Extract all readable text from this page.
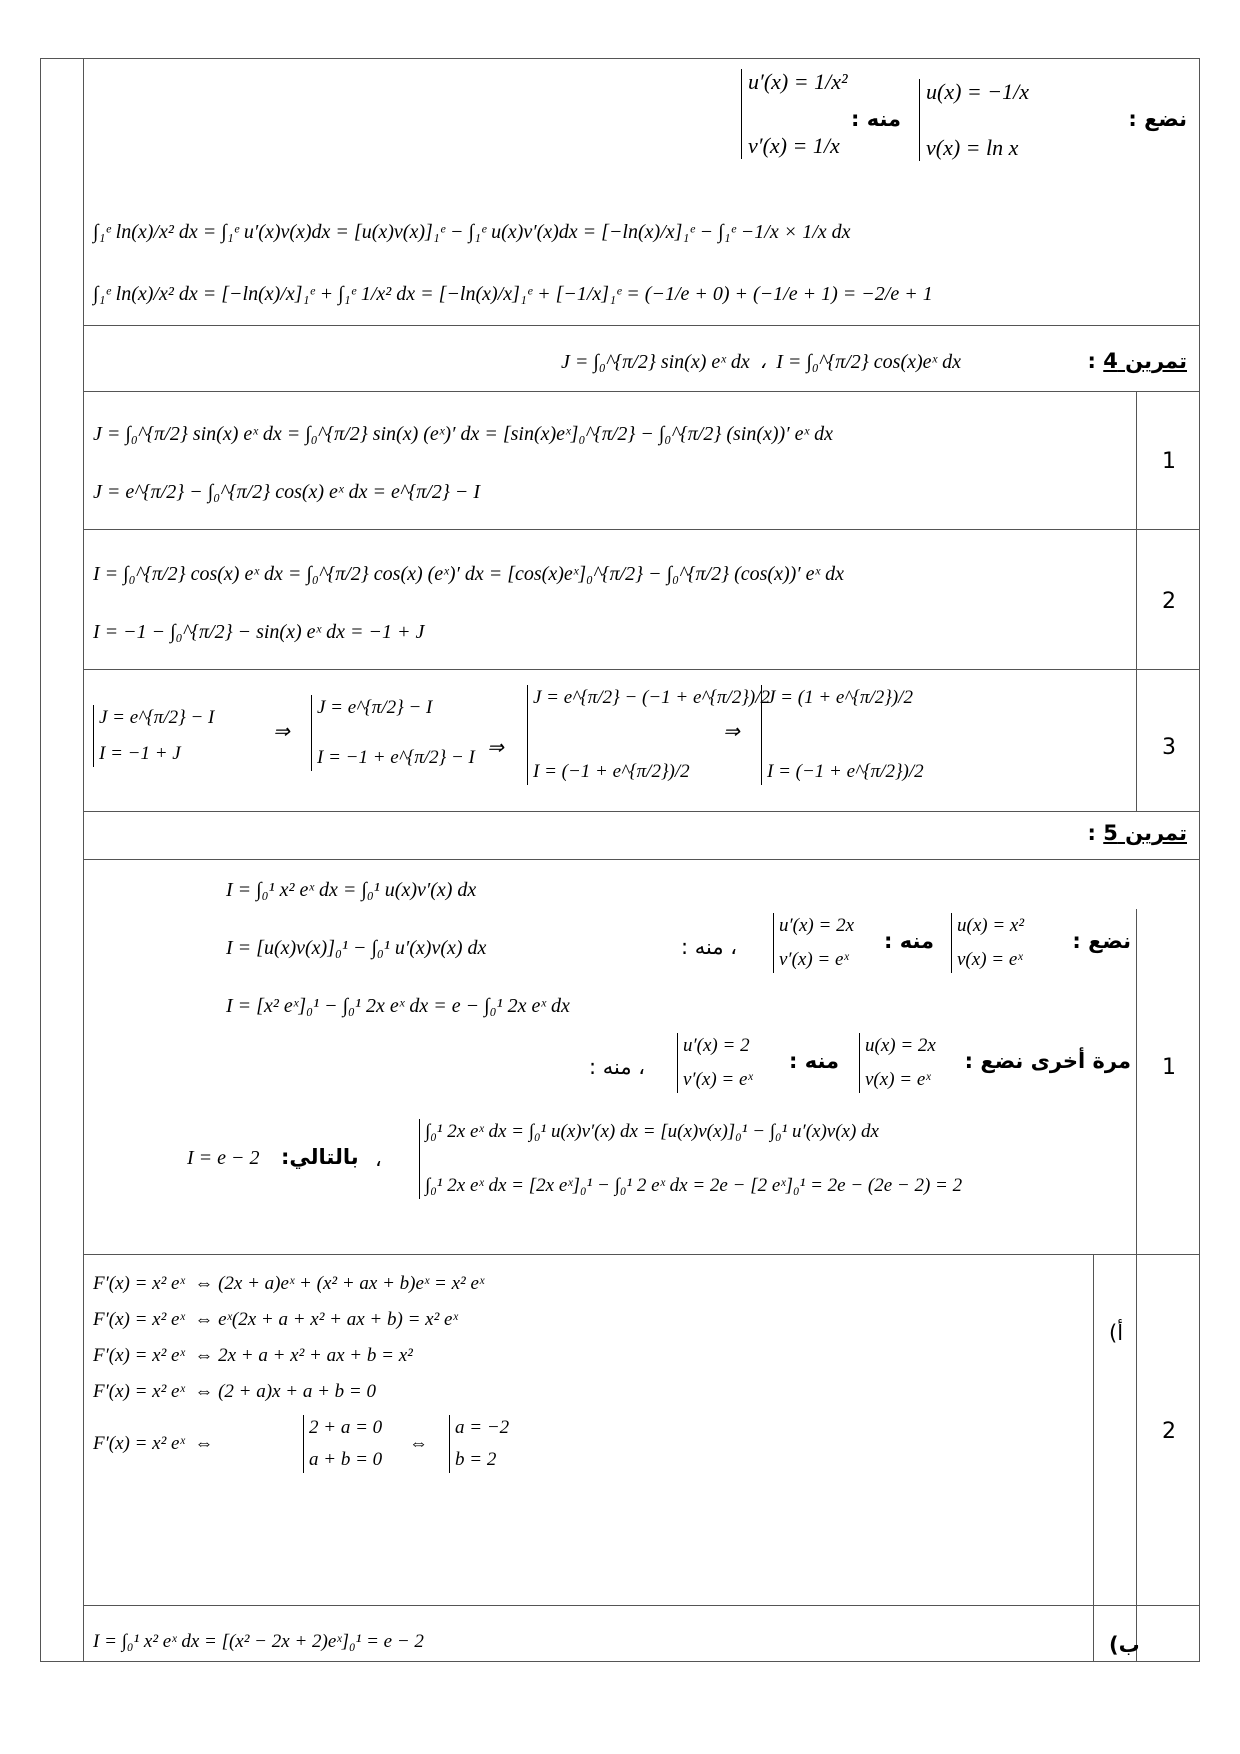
نضع :
u(x) = −1/x
v(x) = ln x
منه :
u′(x) = 1/x²
v′(x) = 1/x
∫₁ᵉ ln(x)/x² dx = ∫₁ᵉ u′(x)v(x)dx = [u(x)v(x)]₁ᵉ − ∫₁ᵉ u(x)v′(x)dx = [−ln(x)/x]₁ᵉ − ∫₁ᵉ −1/x × 1/x dx
∫₁ᵉ ln(x)/x² dx = [−ln(x)/x]₁ᵉ + ∫₁ᵉ 1/x² dx = [−ln(x)/x]₁ᵉ + [−1/x]₁ᵉ = (−1/e + 0) + (−1/e + 1) = −2/e + 1
تمرين 4 :
J = ∫₀^{π/2} sin(x) eˣ dx  ،  I = ∫₀^{π/2} cos(x)eˣ dx
J = ∫₀^{π/2} sin(x) eˣ dx = ∫₀^{π/2} sin(x) (eˣ)′ dx = [sin(x)eˣ]₀^{π/2} − ∫₀^{π/2} (sin(x))′ eˣ dx
J = e^{π/2} − ∫₀^{π/2} cos(x) eˣ dx = e^{π/2} − I
1
I = ∫₀^{π/2} cos(x) eˣ dx = ∫₀^{π/2} cos(x) (eˣ)′ dx = [cos(x)eˣ]₀^{π/2} − ∫₀^{π/2} (cos(x))′ eˣ dx
I = −1 − ∫₀^{π/2} − sin(x) eˣ dx = −1 + J
2
J = e^{π/2} − I
I = −1 + J
⇒
J = e^{π/2} − I
I = −1 + e^{π/2} − I ⇒
J = e^{π/2} − (−1 + e^{π/2})/2
I = (−1 + e^{π/2})/2
⇒
J = (1 + e^{π/2})/2
I = (−1 + e^{π/2})/2
3
تمرين 5 :
I = ∫₀¹ x² eˣ dx = ∫₀¹ u(x)v′(x) dx
I = [u(x)v(x)]₀¹ − ∫₀¹ u′(x)v(x) dx
I = [x² eˣ]₀¹ − ∫₀¹ 2x eˣ dx = e − ∫₀¹ 2x eˣ dx
نضع :
u(x) = x²
v(x) = eˣ
منه :
u′(x) = 2x
v′(x) = eˣ
، منه :
مرة أخرى نضع :
u(x) = 2x
v(x) = eˣ
منه :
u′(x) = 2
v′(x) = eˣ
، منه :
∫₀¹ 2x eˣ dx = ∫₀¹ u(x)v′(x) dx = [u(x)v(x)]₀¹ − ∫₀¹ u′(x)v(x) dx
∫₀¹ 2x eˣ dx = [2x eˣ]₀¹ − ∫₀¹ 2 eˣ dx = 2e − [2 eˣ]₀¹ = 2e − (2e − 2) = 2
،
بالتالي:
I = e − 2
1
F′(x) = x² eˣ  ⇔ (2x + a)eˣ + (x² + ax + b)eˣ = x² eˣ
F′(x) = x² eˣ  ⇔ eˣ(2x + a + x² + ax + b) = x² eˣ
F′(x) = x² eˣ  ⇔ 2x + a + x² + ax + b = x²
F′(x) = x² eˣ  ⇔ (2 + a)x + a + b = 0
F′(x) = x² eˣ  ⇔
2 + a = 0
a + b = 0
⇔
a = −2
b = 2
أ)
I = ∫₀¹ x² eˣ dx = [(x² − 2x + 2)eˣ]₀¹ = e − 2	ب)
2
